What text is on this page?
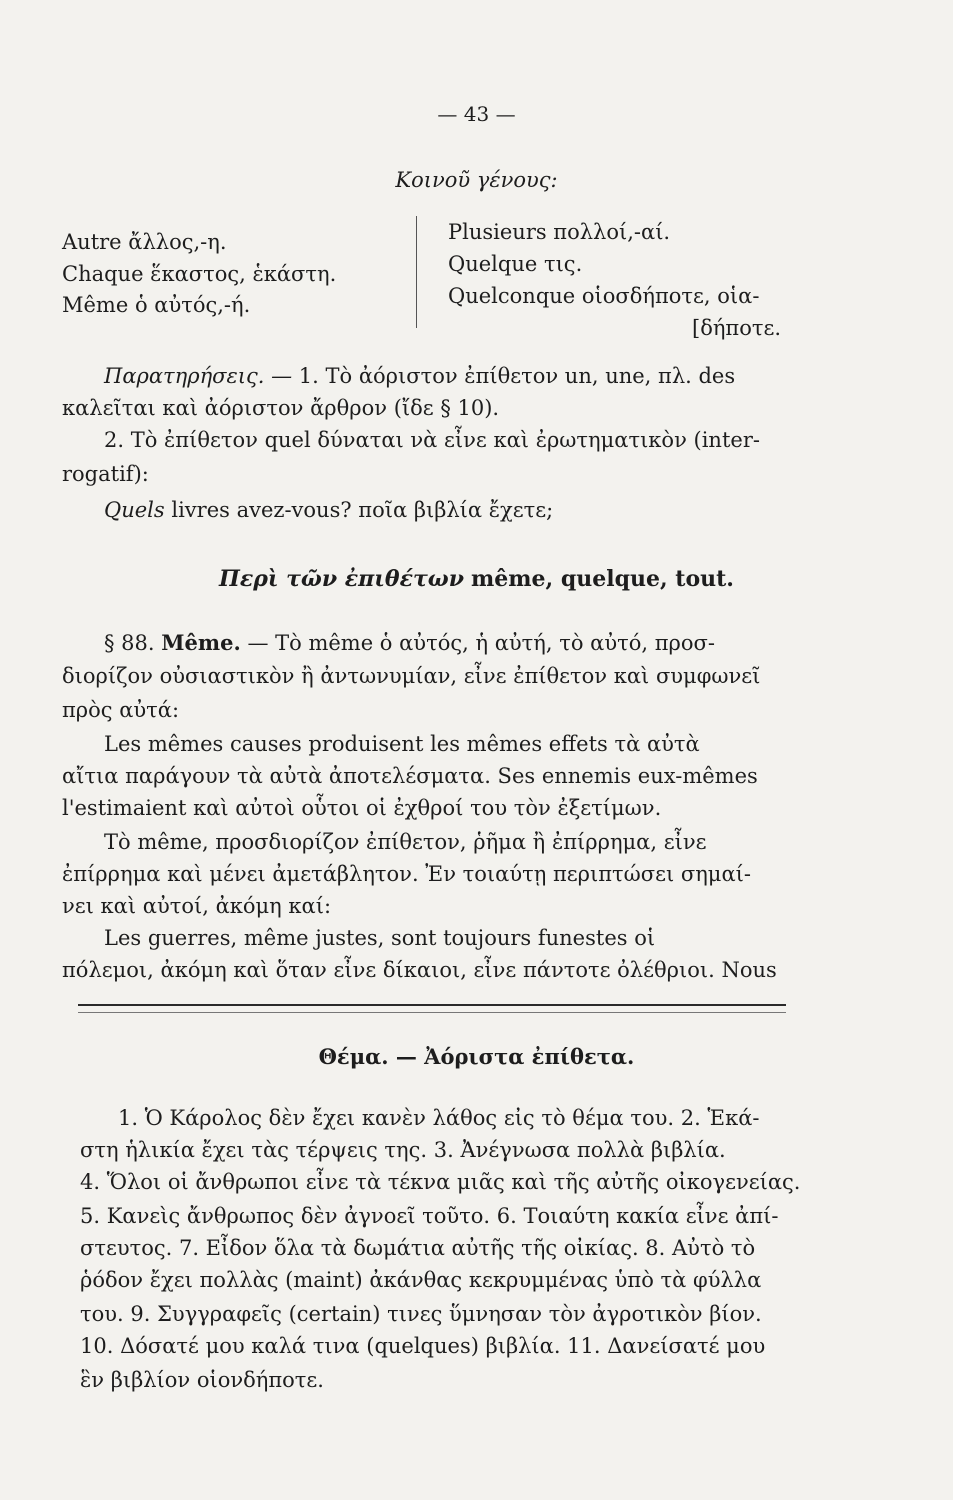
— 43 —
Κοινοῦ γένους:
Autre ἄλλος,-η.
Chaque ἕκαστος, ἑκάστη.
Même ὁ αὐτός,-ή.
Plusieurs πολλοί,-αί.
Quelque τις.
Quelconque οἱοσδήποτε, οἱα-
[δήποτε.
Παρατηρήσεις. — 1. Τὸ ἀόριστον ἐπίθετον un, une, πλ. des
καλεῖται καὶ ἀόριστον ἄρθρον (ἴδε § 10).
2. Τὸ ἐπίθετον quel δύναται νὰ εἶνε καὶ ἐρωτηματικὸν (inter-
rogatif):
Quels livres avez-vous? ποῖα βιβλία ἔχετε;
Περὶ τῶν ἐπιθέτων même, quelque, tout.
§ 88. Même. — Τὸ même ὁ αὐτός, ἡ αὐτή, τὸ αὐτό, προσ-
διορίζον οὐσιαστικὸν ἢ ἀντωνυμίαν, εἶνε ἐπίθετον καὶ συμφωνεῖ
πρὸς αὐτά:
Les mêmes causes produisent les mêmes effets τὰ αὐτὰ
αἴτια παράγουν τὰ αὐτὰ ἀποτελέσματα. Ses ennemis eux-mêmes
l'estimaient καὶ αὐτοὶ οὗτοι οἱ ἐχθροί του τὸν ἐξετίμων.
Τὸ même, προσδιορίζον ἐπίθετον, ῥῆμα ἢ ἐπίρρημα, εἶνε
ἐπίρρημα καὶ μένει ἀμετάβλητον. Ἐν τοιαύτῃ περιπτώσει σημαί-
νει καὶ αὐτοί, ἀκόμη καί:
Les guerres, même justes, sont toujours funestes οἱ
πόλεμοι, ἀκόμη καὶ ὅταν εἶνε δίκαιοι, εἶνε πάντοτε ὀλέθριοι. Nous
Θέμα. — Ἀόριστα ἐπίθετα.
1. Ὁ Κάρολος δὲν ἔχει κανὲν λάθος εἰς τὸ θέμα του. 2. Ἑκά-
στη ἡλικία ἔχει τὰς τέρψεις της. 3. Ἀνέγνωσα πολλὰ βιβλία.
4. Ὅλοι οἱ ἄνθρωποι εἶνε τὰ τέκνα μιᾶς καὶ τῆς αὐτῆς οἰκογενείας.
5. Κανεὶς ἄνθρωπος δὲν ἀγνοεῖ τοῦτο. 6. Τοιαύτη κακία εἶνε ἀπί-
στευτος. 7. Εἶδον ὅλα τὰ δωμάτια αὐτῆς τῆς οἰκίας. 8. Αὐτὸ τὸ
ῥόδον ἔχει πολλὰς (maint) ἀκάνθας κεκρυμμένας ὑπὸ τὰ φύλλα
του. 9. Συγγραφεῖς (certain) τινες ὕμνησαν τὸν ἀγροτικὸν βίον.
10. Δόσατέ μου καλά τινα (quelques) βιβλία. 11. Δανείσατέ μου
ἓν βιβλίον οἱονδήποτε.
